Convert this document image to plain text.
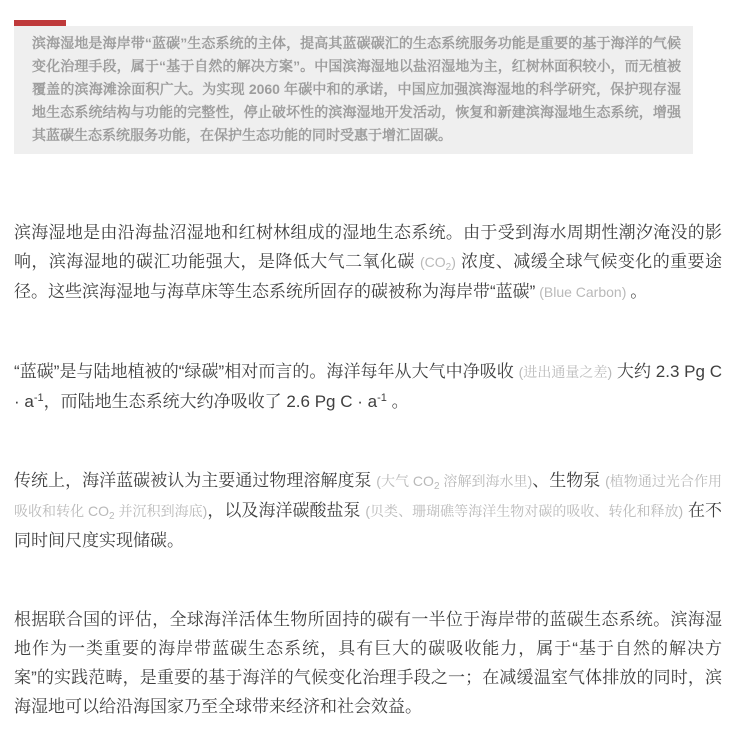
滨海湿地是海岸带“蓝碳”生态系统的主体，提高其蓝碳碳汇的生态系统服务功能是重要的基于海洋的气候变化治理手段，属于“基于自然的解决方案”。中国滨海湿地以盐沼湿地为主，红树林面积较小，而无植被覆盖的滨海滩涂面积广大。为实现 2060 年碳中和的承诺，中国应加强滨海湿地的科学研究，保护现存湿地生态系统结构与功能的完整性，停止破坏性的滨海湿地开发活动，恢复和新建滨海湿地生态系统，增强其蓝碳生态系统服务功能，在保护生态功能的同时受惠于增汇固碳。

滨海湿地是由沿海盐沼湿地和红树林组成的湿地生态系统。由于受到海水周期性潮汐淹没的影响，滨海湿地的碳汇功能强大，是降低大气二氧化碳 (CO2) 浓度、减缓全球气候变化的重要途径。这些滨海湿地与海草床等生态系统所固存的碳被称为海岸带“蓝碳” (Blue Carbon) 。

“蓝碳”是与陆地植被的“绿碳”相对而言的。海洋每年从大气中净吸收 (进出通量之差) 大约 2.3 Pg $C \cdot a^{-1}$，而陆地生态系统大约净吸收了 2.6 Pg $C \cdot a^{-1}$ 。

传统上，海洋蓝碳被认为主要通过物理溶解度泵 (大气 CO2 溶解到海水里)、生物泵 (植物通过光合作用吸收和转化 CO2 并沉积到海底)，以及海洋碳酸盐泵 (贝类、珊瑚礁等海洋生物对碳的吸收、转化和释放) 在不同时间尺度实现储碳。

根据联合国的评估，全球海洋活体生物所固持的碳有一半位于海岸带的蓝碳生态系统。滨海湿地作为一类重要的海岸带蓝碳生态系统，具有巨大的碳吸收能力，属于“基于自然的解决方案”的实践范畴，是重要的基于海洋的气候变化治理手段之一；在减缓温室气体排放的同时，滨海湿地可以给沿海国家乃至全球带来经济和社会效益。
